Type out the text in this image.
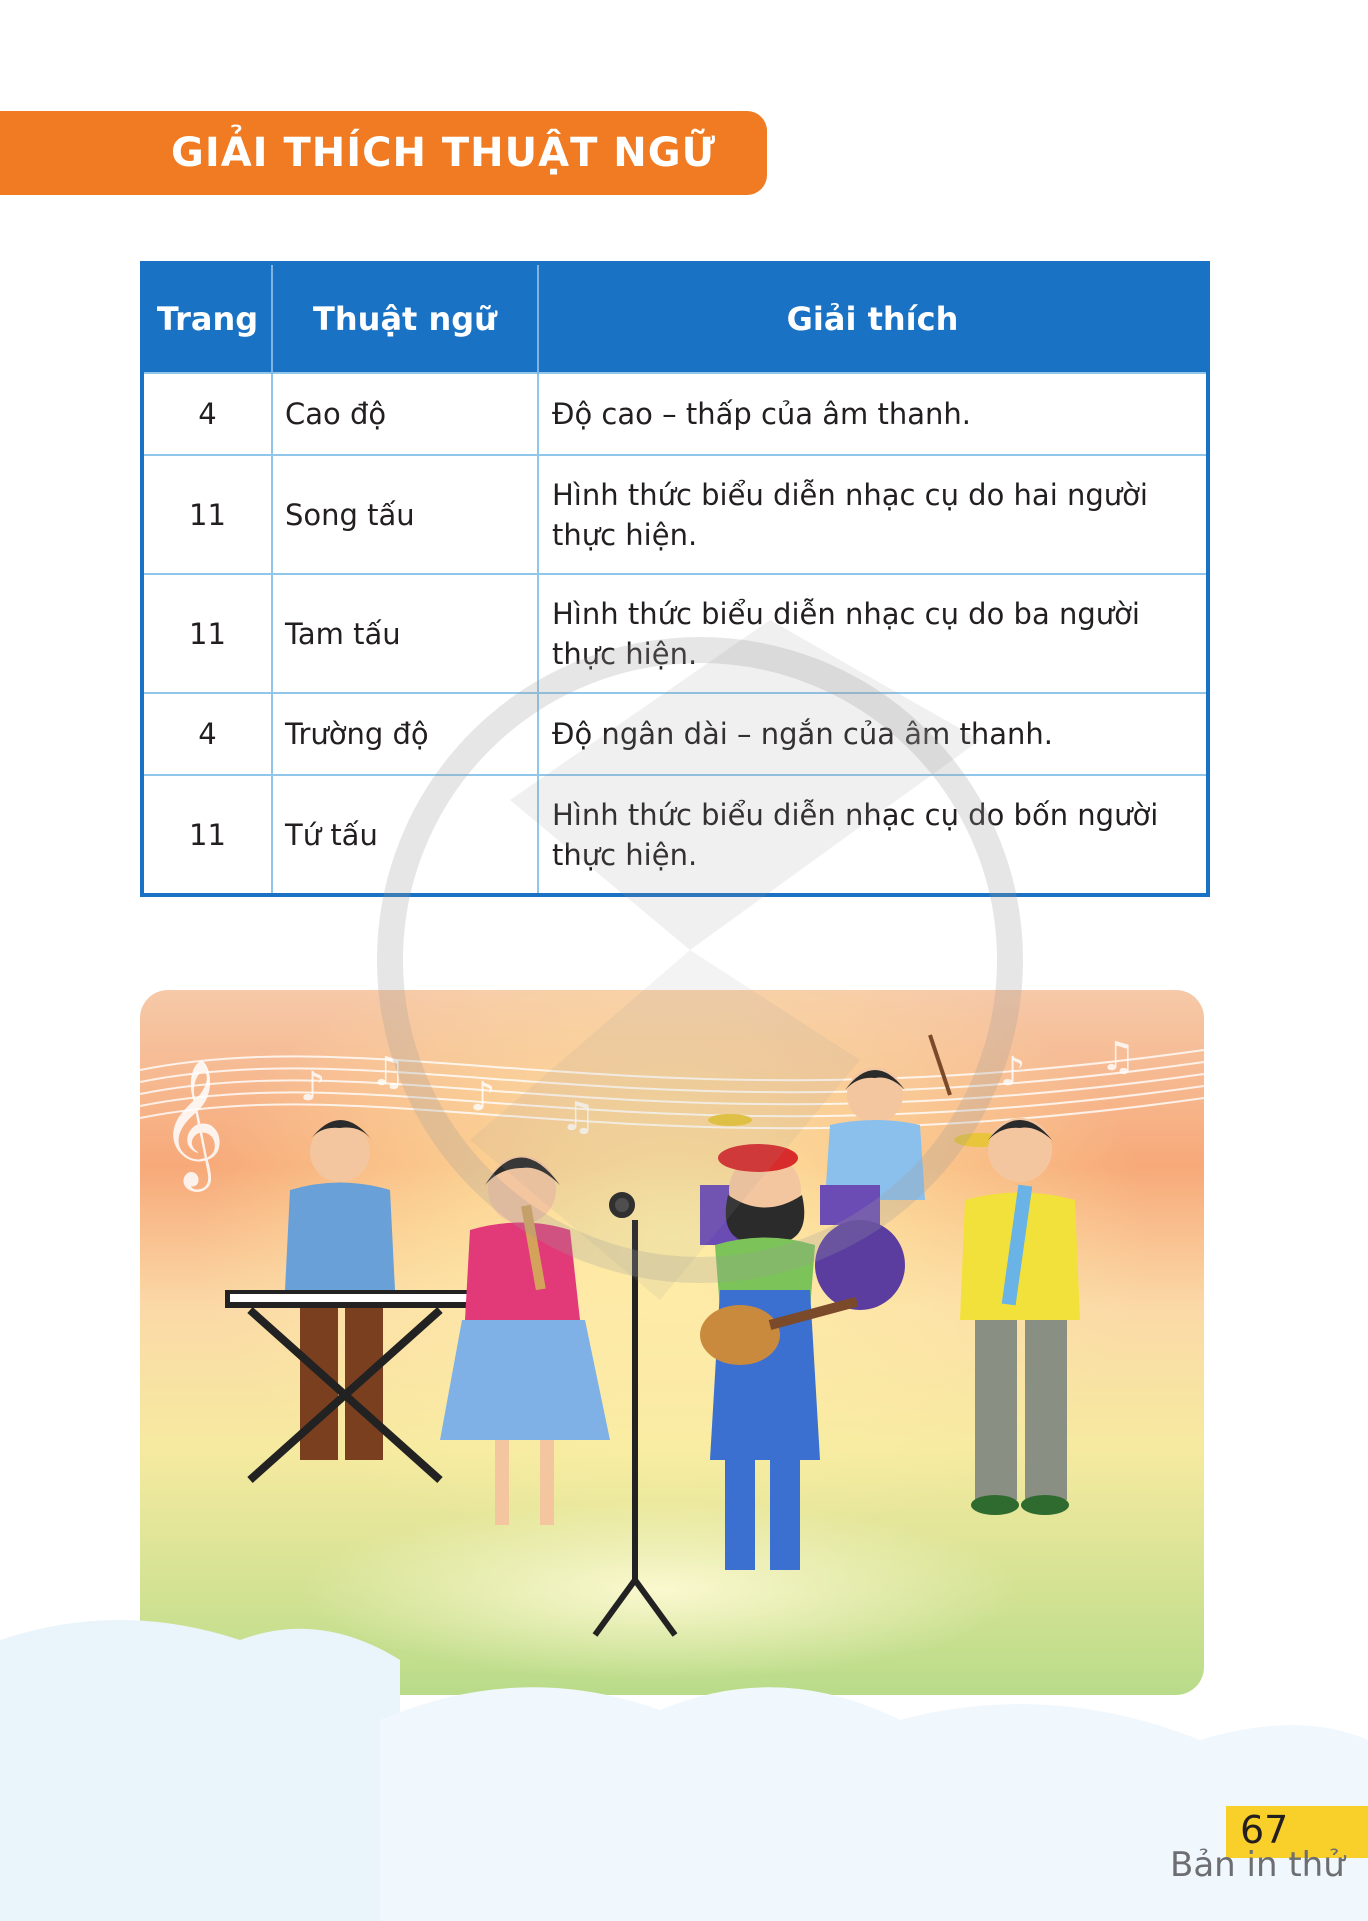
GIẢI THÍCH THUẬT NGỮ
Trang	Thuật ngữ	Giải thích
4	Cao độ	Độ cao – thấp của âm thanh.
11	Song tấu	Hình thức biểu diễn nhạc cụ do hai người thực hiện.
11	Tam tấu	Hình thức biểu diễn nhạc cụ do ba người thực hiện.
4	Trường độ	Độ ngân dài – ngắn của âm thanh.
11	Tứ tấu	Hình thức biểu diễn nhạc cụ do bốn người thực hiện.
𝄞 ♪ ♫
♪ ♫
♪ ♫
67
Bản in thử
